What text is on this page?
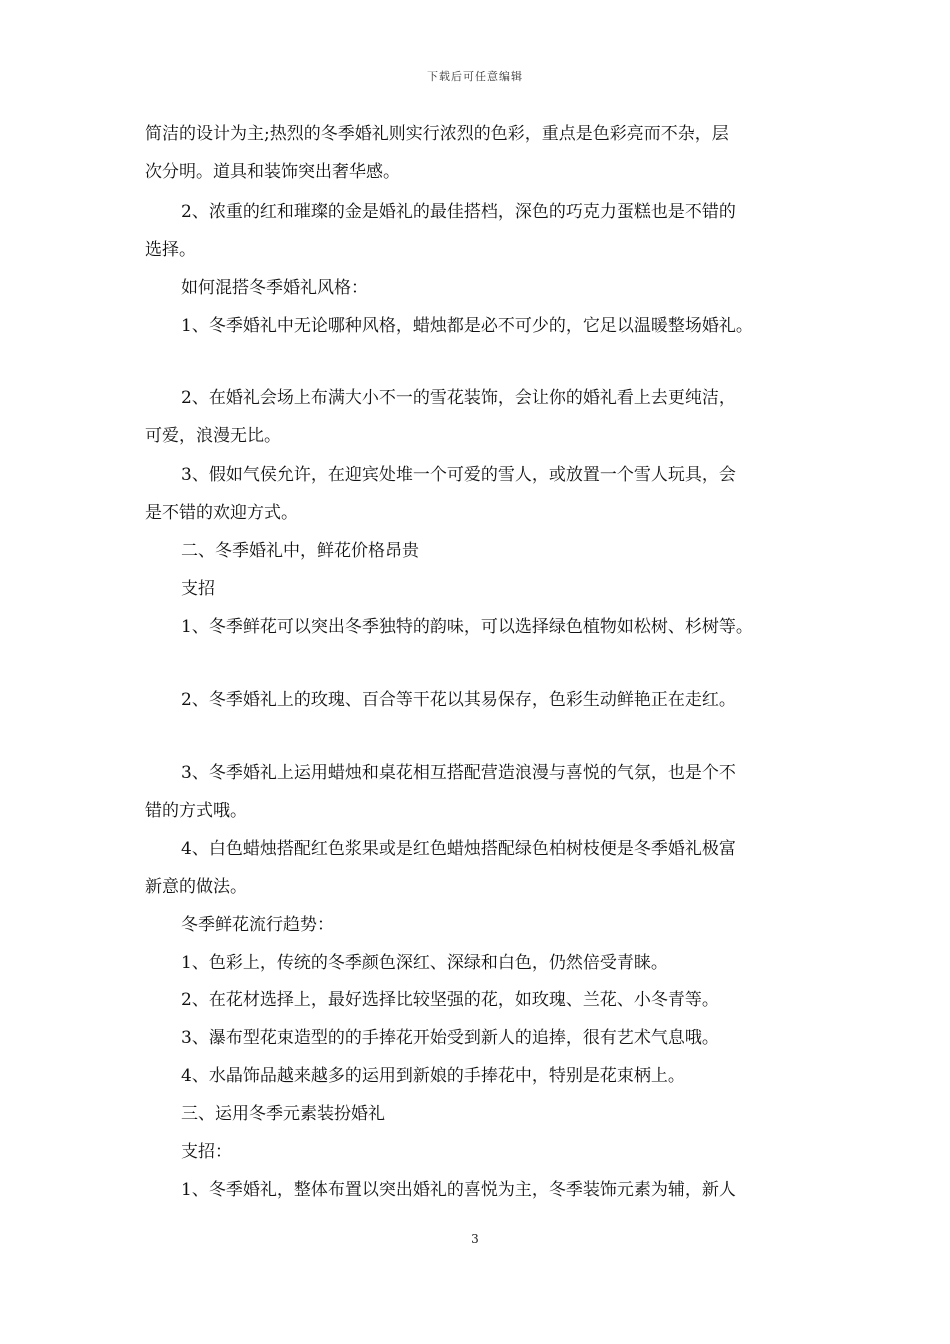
下载后可任意编辑

简洁的设计为主;热烈的冬季婚礼则实行浓烈的色彩，重点是色彩亮而不杂，层

次分明。道具和装饰突出奢华感。

2、浓重的红和璀璨的金是婚礼的最佳搭档，深色的巧克力蛋糕也是不错的

选择。

如何混搭冬季婚礼风格：

1、冬季婚礼中无论哪种风格，蜡烛都是必不可少的，它足以温暖整场婚礼。

2、在婚礼会场上布满大小不一的雪花装饰，会让你的婚礼看上去更纯洁，

可爱，浪漫无比。

3、假如气侯允许，在迎宾处堆一个可爱的雪人，或放置一个雪人玩具，会

是不错的欢迎方式。

二、冬季婚礼中，鲜花价格昂贵

支招

1、冬季鲜花可以突出冬季独特的韵味，可以选择绿色植物如松树、杉树等。

2、冬季婚礼上的玫瑰、百合等干花以其易保存，色彩生动鲜艳正在走红。

3、冬季婚礼上运用蜡烛和桌花相互搭配营造浪漫与喜悦的气氛，也是个不

错的方式哦。

4、白色蜡烛搭配红色浆果或是红色蜡烛搭配绿色柏树枝便是冬季婚礼极富

新意的做法。

冬季鲜花流行趋势：

1、色彩上，传统的冬季颜色深红、深绿和白色，仍然倍受青睐。

2、在花材选择上，最好选择比较坚强的花，如玫瑰、兰花、小冬青等。

3、瀑布型花束造型的的手捧花开始受到新人的追捧，很有艺术气息哦。

4、水晶饰品越来越多的运用到新娘的手捧花中，特别是花束柄上。

三、运用冬季元素装扮婚礼

支招：

1、冬季婚礼，整体布置以突出婚礼的喜悦为主，冬季装饰元素为辅，新人

3
